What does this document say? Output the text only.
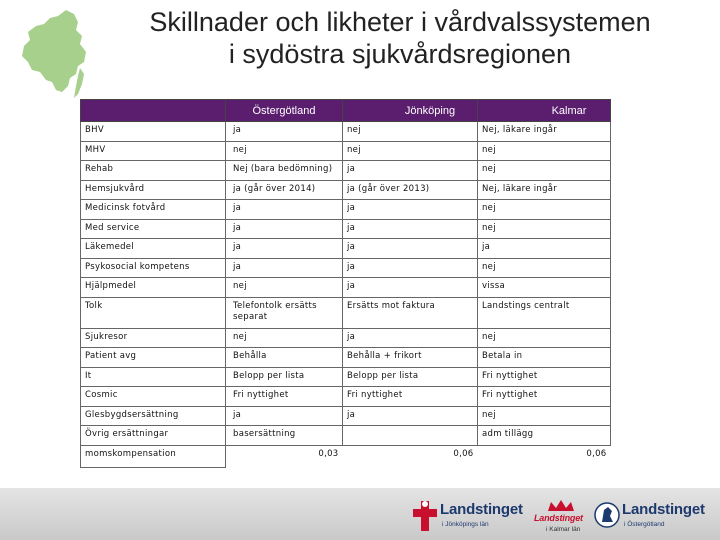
Skillnader och likheter i vårdvalssystemen
i sydöstra sjukvårdsregionen
	Östergötland	Jönköping	Kalmar
BHV	ja	nej	Nej, läkare ingår
MHV	nej	nej	nej
Rehab	Nej (bara bedömning)	ja	nej
Hemsjukvård	ja (går över 2014)	ja (går över 2013)	Nej, läkare ingår
Medicinsk fotvård	ja	ja	nej
Med service	ja	ja	nej
Läkemedel	ja	ja	ja
Psykosocial kompetens	ja	ja	nej
Hjälpmedel	nej	ja	vissa
Tolk	Telefontolk ersätts separat	Ersätts mot faktura	Landstings centralt
Sjukresor	nej	ja	nej
Patient avg	Behålla	Behålla + frikort	Betala in
It	Belopp per lista	Belopp per lista	Fri nyttighet
Cosmic	Fri nyttighet	Fri nyttighet	Fri nyttighet
Glesbygdsersättning	ja	ja	nej
Övrig ersättningar	basersättning		adm tillägg
momskompensation	0,03	0,06	0,06
Landstinget
i Jönköpings län
Landstinget
i Kalmar län
Landstinget
i Östergötland
